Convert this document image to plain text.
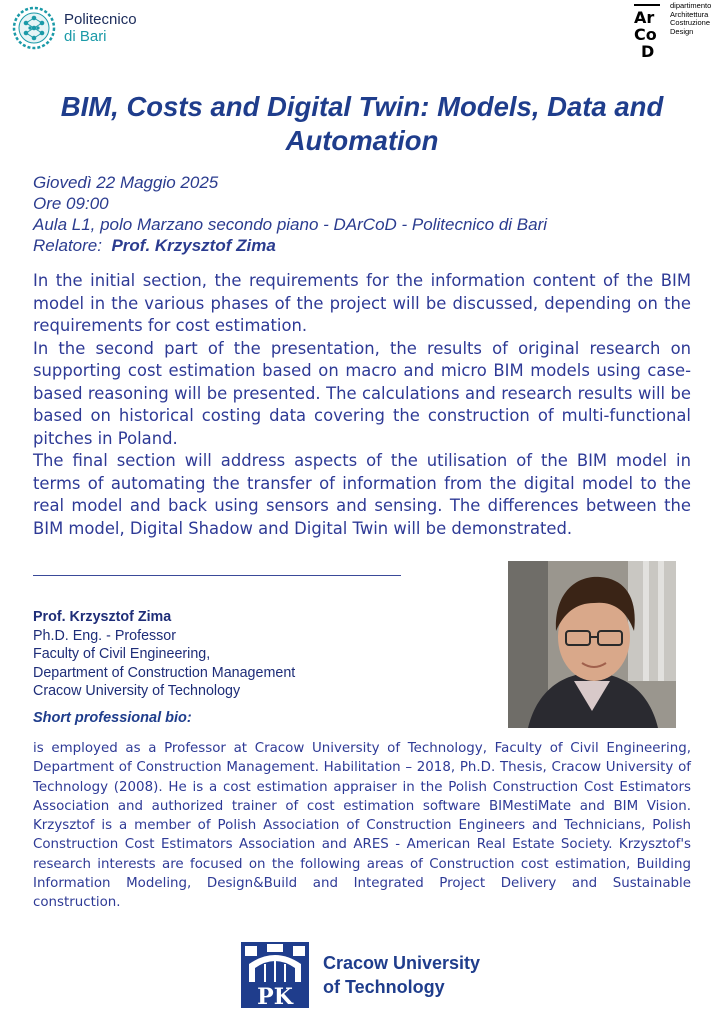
Politecnico
di Bari
Ar
Co
D
dipartimento
Architettura
Costruzione
Design
BIM, Costs and Digital Twin: Models, Data and Automation
Giovedì 22 Maggio 2025
Ore 09:00
Aula L1, polo Marzano secondo piano - DArCoD - Politecnico di Bari
Relatore: Prof. Krzysztof Zima

In the initial section, the requirements for the information content of the BIM model in the various phases of the project will be discussed, depending on the requirements for cost estimation.

In the second part of the presentation, the results of original research on supporting cost estimation based on macro and micro BIM models using case-based reasoning will be presented. The calculations and research results will be based on historical costing data covering the construction of multi-functional pitches in Poland.

The final section will address aspects of the utilisation of the BIM model in terms of automating the transfer of information from the digital model to the real model and back using sensors and sensing. The differences between the BIM model, Digital Shadow and Digital Twin will be demonstrated.

Prof. Krzysztof Zima
Ph.D. Eng. - Professor
Faculty of Civil Engineering,
Department of Construction Management
Cracow University of Technology
Short professional bio:
is employed as a Professor at Cracow University of Technology, Faculty of Civil Engineering, Department of Construction Management. Habilitation – 2018, Ph.D. Thesis, Cracow University of Technology (2008). He is a cost estimation appraiser in the Polish Construction Cost Estimators Association and authorized trainer of cost estimation software BIMestiMate and BIM Vision. Krzysztof is a member of Polish Association of Construction Engineers and Technicians, Polish Construction Cost Estimators Association and ARES - American Real Estate Society. Krzysztof's research interests are focused on the following areas of Construction cost estimation, Building Information Modeling, Design&Build and Integrated Project Delivery and Sustainable construction.
PK
Cracow University
of Technology
